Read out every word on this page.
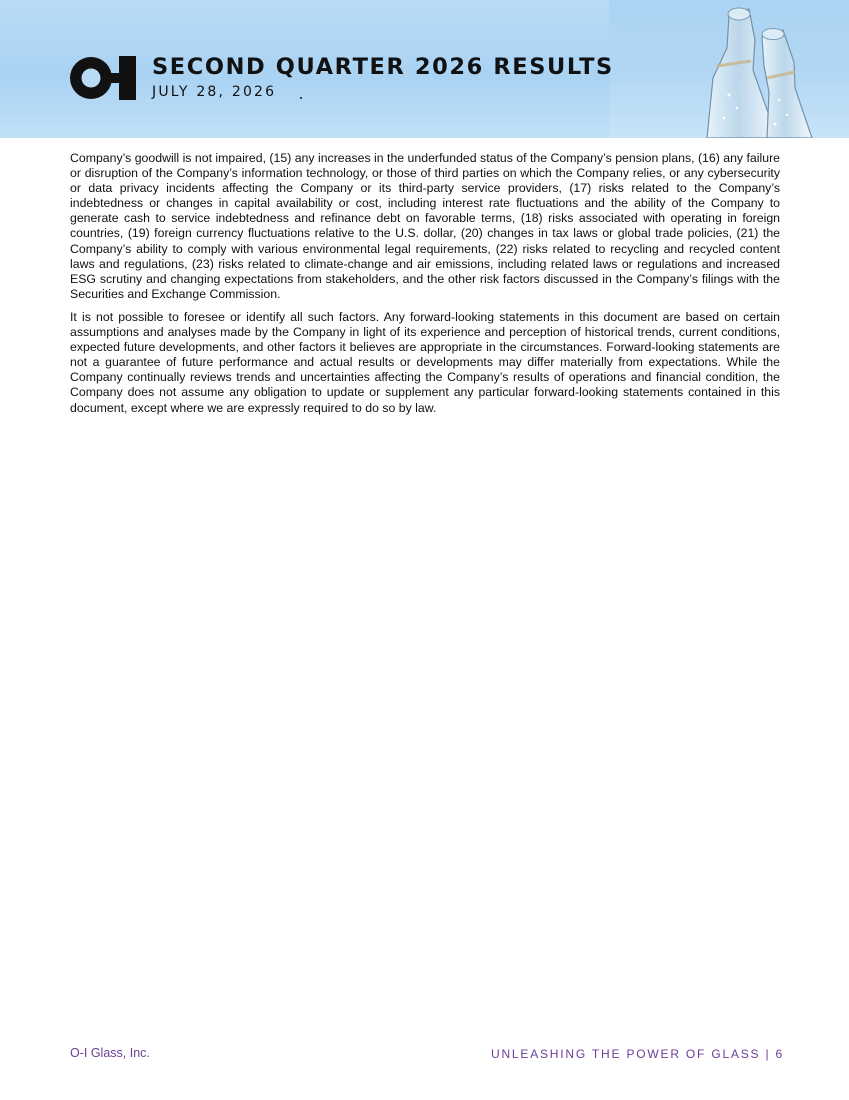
SECOND QUARTER 2026 RESULTS
JULY 28, 2026

Company’s goodwill is not impaired, (15) any increases in the underfunded status of the Company’s pension plans, (16) any failure or disruption of the Company’s information technology, or those of third parties on which the Company relies, or any cybersecurity or data privacy incidents affecting the Company or its third-party service providers, (17) risks related to the Company’s indebtedness or changes in capital availability or cost, including interest rate fluctuations and the ability of the Company to generate cash to service indebtedness and refinance debt on favorable terms, (18) risks associated with operating in foreign countries, (19) foreign currency fluctuations relative to the U.S. dollar, (20) changes in tax laws or global trade policies, (21) the Company’s ability to comply with various environmental legal requirements, (22) risks related to recycling and recycled content laws and regulations, (23) risks related to climate-change and air emissions, including related laws or regulations and increased ESG scrutiny and changing expectations from stakeholders, and the other risk factors discussed in the Company’s filings with the Securities and Exchange Commission.

It is not possible to foresee or identify all such factors. Any forward-looking statements in this document are based on certain assumptions and analyses made by the Company in light of its experience and perception of historical trends, current conditions, expected future developments, and other factors it believes are appropriate in the circumstances. Forward-looking statements are not a guarantee of future performance and actual results or developments may differ materially from expectations. While the Company continually reviews trends and uncertainties affecting the Company’s results of operations and financial condition, the Company does not assume any obligation to update or supplement any particular forward-looking statements contained in this document, except where we are expressly required to do so by law.

O-I Glass, Inc.	UNLEASHING THE POWER OF GLASS | 6
